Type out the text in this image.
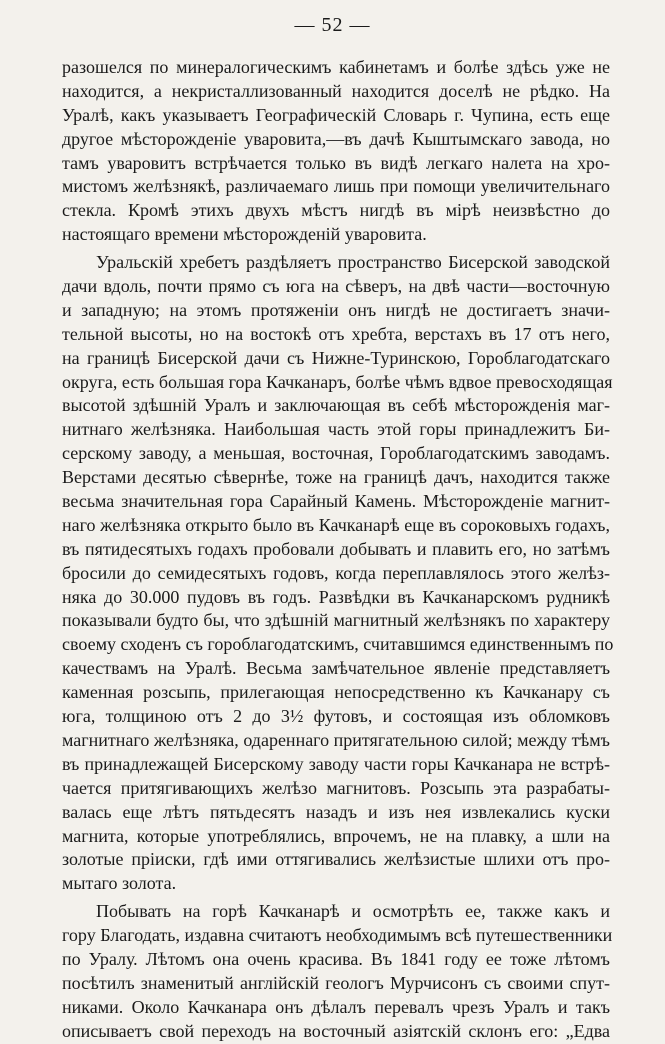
— 52 —
разошелся по минералогическимъ кабинетамъ и болѣе здѣсь уже не
находится, а некристаллизованный находится доселѣ не рѣдко. На
Уралѣ, какъ указываетъ Географическій Словарь г. Чупина, есть еще
другое мѣсторожденіе уваровита,—въ дачѣ Кыштымскаго завода, но
тамъ уваровитъ встрѣчается только въ видѣ легкаго налета на хро-
мистомъ желѣзнякѣ, различаемаго лишь при помощи увеличительнаго
стекла. Кромѣ этихъ двухъ мѣстъ нигдѣ въ мірѣ неизвѣстно до
настоящаго времени мѣсторожденій уваровита.
Уральскій хребетъ раздѣляетъ пространство Бисерской заводской
дачи вдоль, почти прямо съ юга на сѣверъ, на двѣ части—восточную
и западную; на этомъ протяженіи онъ нигдѣ не достигаетъ значи-
тельной высоты, но на востокѣ отъ хребта, верстахъ въ 17 отъ него,
на границѣ Бисерской дачи съ Нижне-Туринскою, Гороблагодатскаго
округа, есть большая гора Качканаръ, болѣе чѣмъ вдвое превосходящая
высотой здѣшній Уралъ и заключающая въ себѣ мѣсторожденія маг-
нитнаго желѣзняка. Наибольшая часть этой горы принадлежитъ Би-
серскому заводу, а меньшая, восточная, Гороблагодатскимъ заводамъ.
Верстами десятью сѣвернѣе, тоже на границѣ дачъ, находится также
весьма значительная гора Сарайный Камень. Мѣсторожденіе магнит-
наго желѣзняка открыто было въ Качканарѣ еще въ сороковыхъ годахъ,
въ пятидесятыхъ годахъ пробовали добывать и плавить его, но затѣмъ
бросили до семидесятыхъ годовъ, когда переплавлялось этого желѣз-
няка до 30.000 пудовъ въ годъ. Развѣдки въ Качканарскомъ рудникѣ
показывали будто бы, что здѣшній магнитный желѣзнякъ по характеру
своему сходенъ съ гороблагодатскимъ, считавшимся единственнымъ по
качествамъ на Уралѣ. Весьма замѣчательное явленіе представляетъ
каменная розсыпь, прилегающая непосредственно къ Качканару съ
юга, толщиною отъ 2 до 3½ футовъ, и состоящая изъ обломковъ
магнитнаго желѣзняка, одареннаго притягательною силой; между тѣмъ
въ принадлежащей Бисерскому заводу части горы Качканара не встрѣ-
чается притягивающихъ желѣзо магнитовъ. Розсыпь эта разрабаты-
валась еще лѣтъ пятьдесятъ назадъ и изъ нея извлекались куски
магнита, которые употреблялись, впрочемъ, не на плавку, а шли на
золотые пріиски, гдѣ ими оттягивались желѣзистые шлихи отъ про-
мытаго золота.
Побывать на горѣ Качканарѣ и осмотрѣть ее, также какъ и
гору Благодать, издавна считаютъ необходимымъ всѣ путешественники
по Уралу. Лѣтомъ она очень красива. Въ 1841 году ее тоже лѣтомъ
посѣтилъ знаменитый англійскій геологъ Мурчисонъ съ своими спут-
никами. Около Качканара онъ дѣлалъ перевалъ чрезъ Уралъ и такъ
описываетъ свой переходъ на восточный азіятскій склонъ его: „Едва
